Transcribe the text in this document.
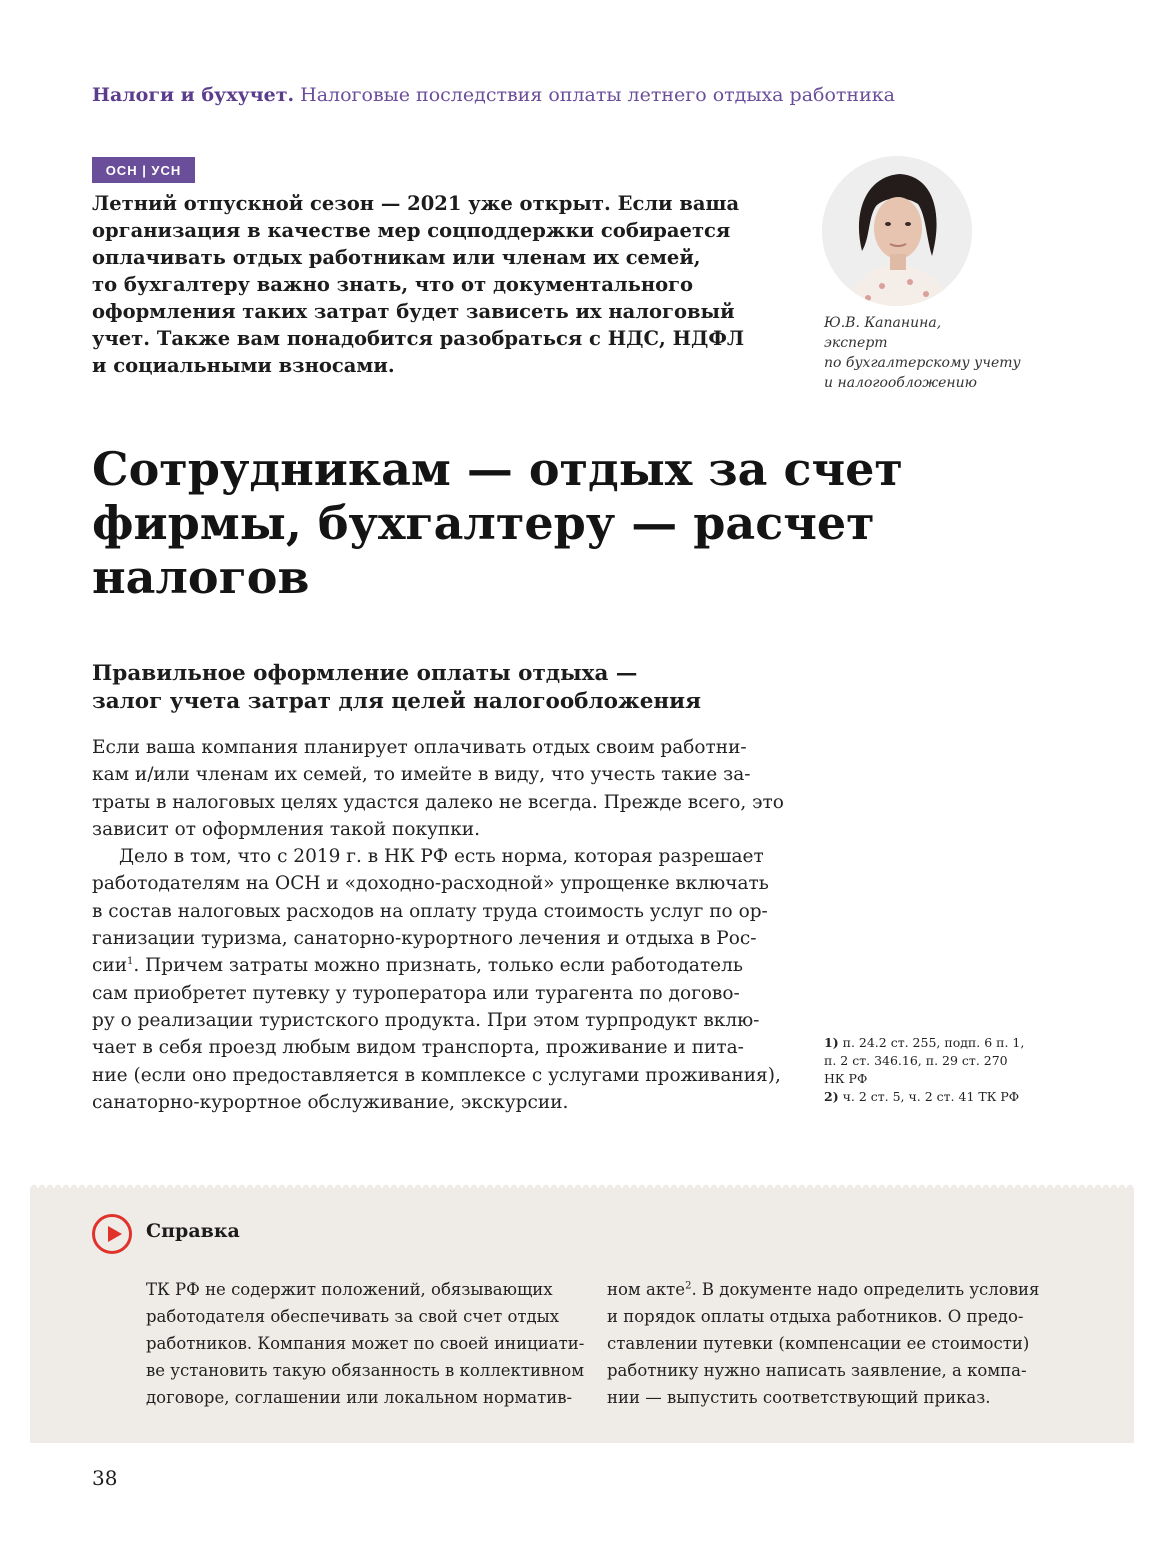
Налоги и бухучет. Налоговые последствия оплаты летнего отдыха работника
ОСН | УСН
Летний отпускной сезон — 2021 уже открыт. Если ваша
организация в качестве мер соцподдержки собирается
оплачивать отдых работникам или членам их семей,
то бухгалтеру важно знать, что от документального
оформления таких затрат будет зависеть их налоговый
учет. Также вам понадобится разобраться с НДС, НДФЛ
и социальными взносами.
Ю.В. Капанина,
эксперт
по бухгалтерскому учету
и налогообложению
Сотрудникам — отдых за счет
фирмы, бухгалтеру — расчет
налогов
Правильное оформление оплаты отдыха —
залог учета затрат для целей налогообложения
Если ваша компания планирует оплачивать отдых своим работни-
кам и/или членам их семей, то имейте в виду, что учесть такие за-
траты в налоговых целях удастся далеко не всегда. Прежде всего, это
зависит от оформления такой покупки.
Дело в том, что с 2019 г. в НК РФ есть норма, которая разрешает
работодателям на ОСН и «доходно-расходной» упрощенке включать
в состав налоговых расходов на оплату труда стоимость услуг по ор-
ганизации туризма, санаторно-курортного лечения и отдыха в Рос-
сии$^1$. Причем затраты можно признать, только если работодатель
сам приобретет путевку у туроператора или турагента по догово-
ру о реализации туристского продукта. При этом турпродукт вклю-
чает в себя проезд любым видом транспорта, проживание и пита-
ние (если оно предоставляется в комплексе с услугами проживания),
санаторно-курортное обслуживание, экскурсии.
1) п. 24.2 ст. 255, подп. 6 п. 1,
п. 2 ст. 346.16, п. 29 ст. 270
НК РФ
2) ч. 2 ст. 5, ч. 2 ст. 41 ТК РФ
Справка
ТК РФ не содержит положений, обязывающих
работодателя обеспечивать за свой счет отдых
работников. Компания может по своей инициати-
ве установить такую обязанность в коллективном
договоре, соглашении или локальном норматив-
ном акте$^2$. В документе надо определить условия
и порядок оплаты отдыха работников. О предо-
ставлении путевки (компенсации ее стоимости)
работнику нужно написать заявление, а компа-
нии — выпустить соответствующий приказ.
38
